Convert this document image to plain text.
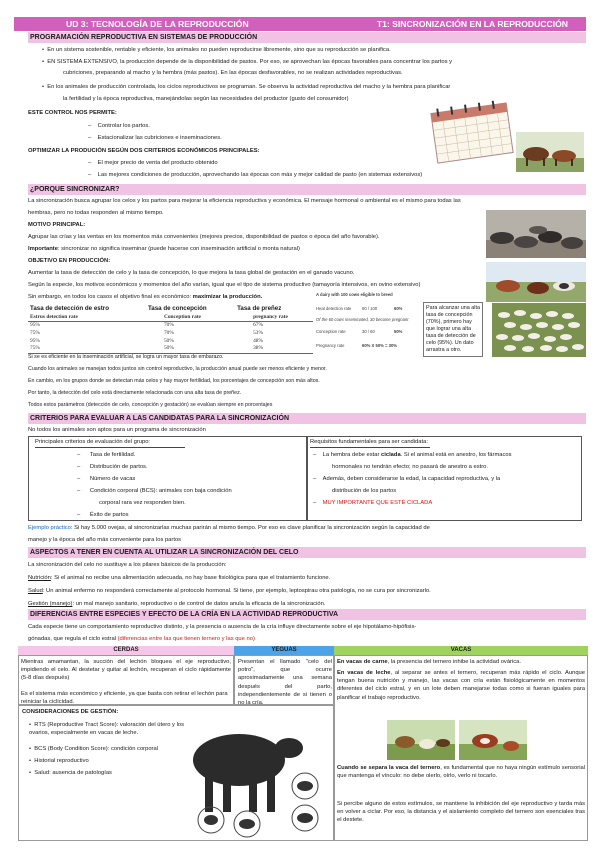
UD 3: TECNOLOGÍA DE LA REPRODUCCIÓN	T1: SINCRONIZACIÓN EN LA REPRODUCCIÓN
PROGRAMACIÓN REPRODUCTIVA EN SISTEMAS DE PRODUCCIÓN
•  En un sistema sostenible, rentable y eficiente, los animales no pueden reproducirse libremente, sino que su reproducción se planifica.
•  EN SISTEMA EXTENSIVO, la producción depende de la disponibilidad de pastos. Por eso, se aprovechan las épocas favorables para concentrar los partos y
cubriciones, preparando al macho y la hembra (más pastos). En las épocas desfavorables, no se realizan actividades reproductivas.
•  En los animales de producción controlada, los ciclos reproductivos se programan. Se observa la actividad reproductiva del macho y la hembra para planificar
la fertilidad y la época reproductiva, manejándolas según las necesidades del productor (gusto del consumidor)
ESTE CONTROL NOS PERMITE:
–    Controlar los partos.
–    Estacionalizar las cubriciones e inseminaciones.
OPTIMIZAR LA PRODUCIÓN SEGÚN DOS CRITERIOS ECONÓMICOS PRINCIPALES:
–    El mejor precio de venta del producto obtenido
–    Las mejores condiciones de producción, aprovechando las épocas con más y mejor calidad de pasto (en sistemas extensivos)
¿PORQUE SINCRONIZAR?
La sincronización busca agrupar los celos y los partos para mejorar la eficiencia reproductiva y económica. El mensaje hormonal o ambiental es el mismo para todas las
hembras, pero no todas responden al mismo tiempo.
MOTIVO PRINCIPAL:
Agrupar las crías y las ventas en los momentos más convenientes (mejores precios, disponibilidad de pastos o época del año favorable).
Importante: sincronizar no significa inseminar (puede hacerse con inseminación artificial o monta natural)
OBJETIVO EN PRODUCCIÓN:
Aumentar la tasa de detección de celo y la tasa de concepción, lo que mejora la tasa global de gestación en el ganado vacuno.
Según la especie, los motivos económicos y momentos del año varían, igual que el tipo de sistema productivo (tamayoría intensivos, en ovino extensivo)
Sin embargo, en todos los casos el objetivo final es económico: maximizar la producción.
Tasa de detección de estro	Tasa de concepción	Tasa de preñez
Estrus detection rate	Conception rate	pregnancy rate
95%	70%	67%
75%	70%	53%
95%	50%	48%
75%	50%	38%
A dairy with 100 cows eligible to breed
Heat detection rate	60 / 100	60%
Of the 60 cows inseminated, 30 become pregnant
Conception rate	30 / 60	50%
Pregnancy rate	60% X 50% = 30%
Para alcanzar una alta tasa de concepción (70%), primero hay que lograr una alta tasa de detección de celo (95%). Un dato arrastra a otro.
Si se es eficiente en la inseminación artificial, se logra un mayor tasa de embarazo.
Cuando los animales se manejan todos juntos sin control reproductivo, la producción anual puede ser menos eficiente y menor.
En cambio, en los grupos donde se detectan más celos y hay mayor fertilidad, los porcentajes de concepción son más altos.
Por tanto, la detección del celo está directamente relacionada con una alta tasa de preñez.
Todos estos parámetros (detección de celo, concepción y gestación) se evalúan siempre en porcentajes
CRITERIOS PARA EVALUAR A LAS CANDIDATAS PARA LA SINCRONIZACIÓN
No todos los animales son aptos para un programa de sincronización
Principales criterios de evaluación del grupo:
–      Tasa de fertilidad.
–      Distribución de partos.
–      Número de vacas
–      Condición corporal (BCS): animales con baja condición
corporal rara vez responden bien.
–      Éxito de partos
Requisitos fundamentales para ser candidata:
–    La hembra debe estar ciclada. Si el animal está en anestro, los fármacos
hormonales no tendrán efecto; no pasará de anestro a estro.
–    Además, deben considerarse la edad, la capacidad reproductiva, y la
distribución de los partos
–    MUY IMPORTANTE QUE ESTÉ CICLADA
Ejemplo práctico: Si hay 5.000 ovejas, al sincronizarlas muchas parirán al mismo tiempo. Por eso es clave planificar la sincronización según la capacidad de
manejo y la época del año más conveniente para los partos
ASPECTOS A TENER EN CUENTA AL UTILIZAR LA SINCRONIZACIÓN DEL CELO
La sincronización del celo no sustituye a los pilares básicos de la producción:
Nutrición: Si el animal no recibe una alimentación adecuada, no hay base fisiológica para que el tratamiento funcione.
Salud: Un animal enfermo no responderá correctamente al protocolo hormonal. Si tiene, por ejemplo, leptospirau otra patología, no se cura por sincronizarlo.
Gestión (manejo): un mal manejo sanitario, reproductivo o de control de datos anula la eficacia de la sincronización.
DIFERENCIAS ENTRE ESPECIES Y EFECTO DE LA CRÍA EN LA ACTIVIDAD REPRODUCTIVA
Cada especie tiene un comportamiento reproductivo distinto, y la presencia o ausencia de la cría influye directamente sobre el eje hipotálamo-hipófisis-
gónadas, que regula el ciclo estral (diferencias entre las que tienen ternero y las que no)
CERDAS	YEGUAS	VACAS
Mientras amamantan, la succión del lechón bloquea el eje reproductivo, impidiendo el celo. Al destetar y quitar al lechón, recuperan el ciclo rápidamente (5-8 días después)
Es el sistema más económico y eficiente, ya que basta con retirar el lechón para reiniciar la ciclicidad.
Presentan el llamado "celo del potro", que ocurre aproximadamente una semana después del parto, independientemente de si tienen o no la cría.
En vacas de carne, la presencia del ternero inhibe la actividad ovárica.
En vacas de leche, al separar se antes el ternero, recuperan más rápido el ciclo. Aunque tengan buena nutrición y manejo, las vacas con cría están fisiológicamente en momentos diferentes del ciclo estral, y en un lote deben manejarse todas como si fueran iguales para planificar el trabajo reproductivo.
Cuando se separa la vaca del ternero, es fundamental que no haya ningún estímulo sensorial que mantenga el vínculo: no debe olerlo, oírlo, verlo ni tocarlo.
Si percibe alguno de estos estímulos, se mantiene la inhibición del eje reproductivo y tarda más en volver a ciclar. Por eso, la distancia y el aislamiento completo del ternero son esenciales tras el destete.
CONSIDERACIONES DE GESTIÓN:
•  RTS (Reproductive Tract Score): valoración del útero y los ovarios, especialmente en vacas de leche.
•  BCS (Body Condition Score): condición corporal
•  Historial reproductivo
•  Salud: ausencia de patologías
